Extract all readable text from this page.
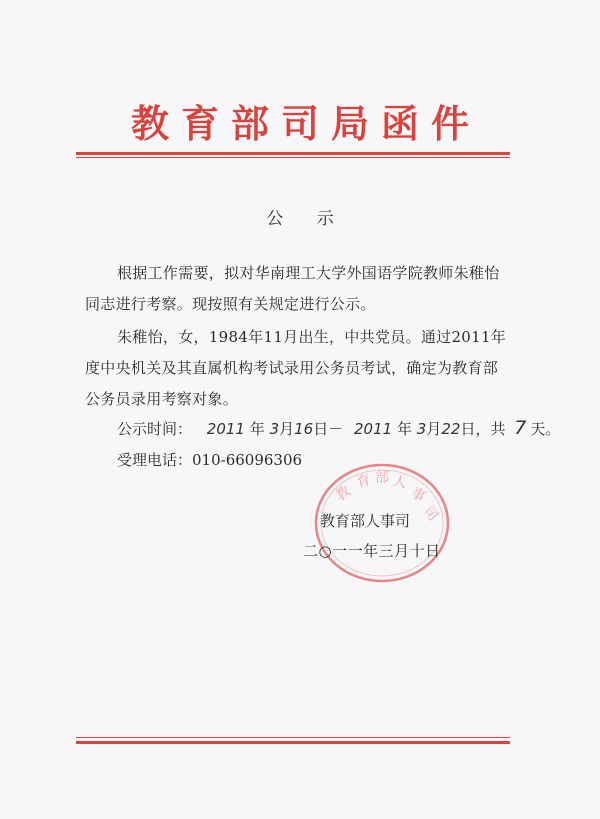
教育部司局函件
公 示
根据工作需要，拟对华南理工大学外国语学院教师朱稚怡同志进行考察。现按照有关规定进行公示。
朱稚怡，女，1984年11月出生，中共党员。通过2011年度中央机关及其直属机构考试录用公务员考试，确定为教育部公务员录用考察对象。
公示时间： 2011 年 3月16日－ 2011 年 3月22日，共 7 天。
受理电话：010-66096306
教
育 部 人
事
司
教育部人事司
二○一一年三月十日
